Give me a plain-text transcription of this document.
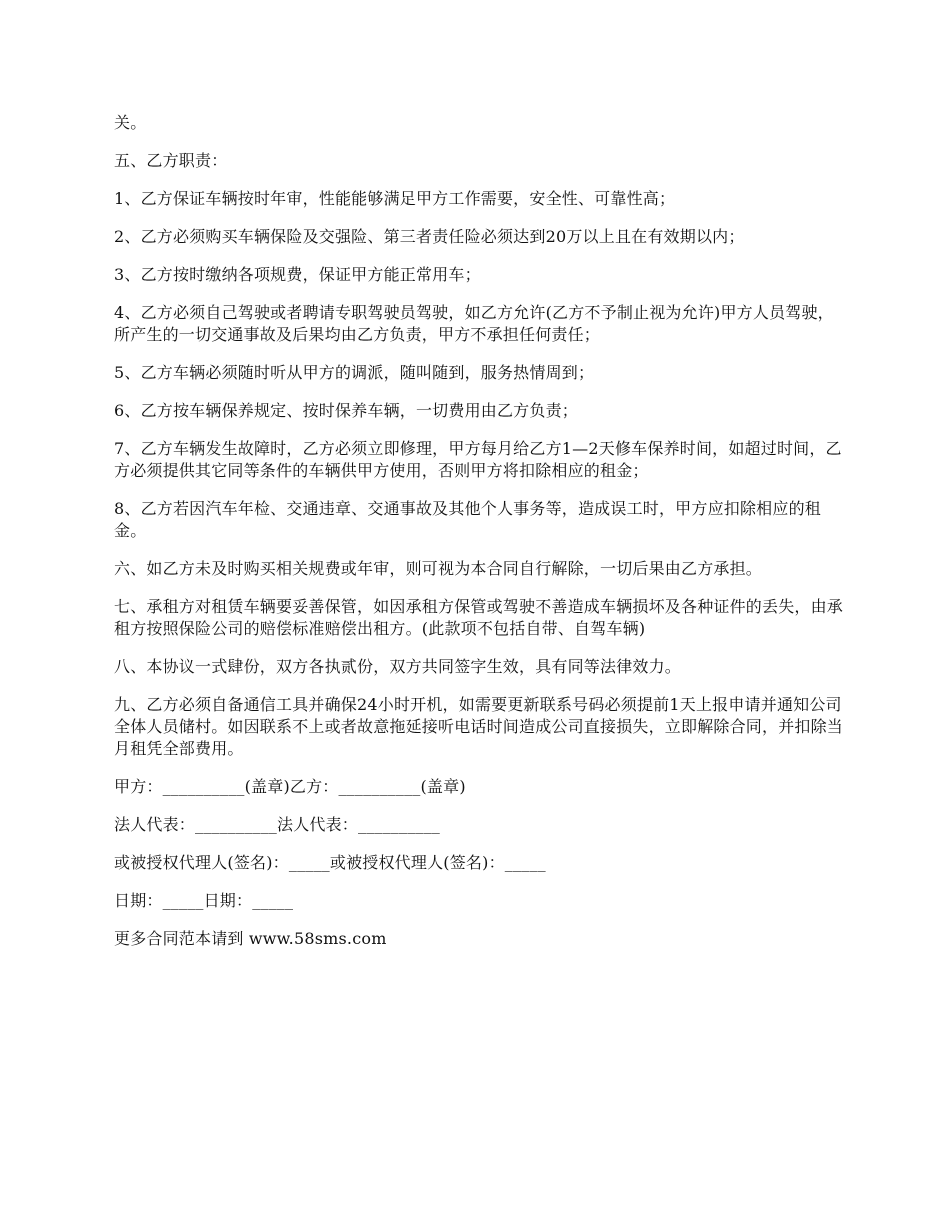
关。

五、乙方职责：

1、乙方保证车辆按时年审，性能能够满足甲方工作需要，安全性、可靠性高；

2、乙方必须购买车辆保险及交强险、第三者责任险必须达到20万以上且在有效期以内；

3、乙方按时缴纳各项规费，保证甲方能正常用车；

4、乙方必须自己驾驶或者聘请专职驾驶员驾驶，如乙方允许(乙方不予制止视为允许)甲方人员驾驶，所产生的一切交通事故及后果均由乙方负责，甲方不承担任何责任；

5、乙方车辆必须随时听从甲方的调派，随叫随到，服务热情周到；

6、乙方按车辆保养规定、按时保养车辆，一切费用由乙方负责；

7、乙方车辆发生故障时，乙方必须立即修理，甲方每月给乙方1—2天修车保养时间，如超过时间，乙方必须提供其它同等条件的车辆供甲方使用，否则甲方将扣除相应的租金；

8、乙方若因汽车年检、交通违章、交通事故及其他个人事务等，造成误工时，甲方应扣除相应的租金。

六、如乙方未及时购买相关规费或年审，则可视为本合同自行解除，一切后果由乙方承担。

七、承租方对租赁车辆要妥善保管，如因承租方保管或驾驶不善造成车辆损坏及各种证件的丢失，由承租方按照保险公司的赔偿标准赔偿出租方。(此款项不包括自带、自驾车辆)

八、本协议一式肆份，双方各执贰份，双方共同签字生效，具有同等法律效力。

九、乙方必须自备通信工具并确保24小时开机，如需要更新联系号码必须提前1天上报申请并通知公司全体人员储村。如因联系不上或者故意拖延接听电话时间造成公司直接损失，立即解除合同，并扣除当月租凭全部费用。

甲方：__________(盖章)乙方：__________(盖章)

法人代表：__________法人代表：__________

或被授权代理人(签名)：_____或被授权代理人(签名)：_____

日期：_____日期：_____

更多合同范本请到 www.58sms.com
